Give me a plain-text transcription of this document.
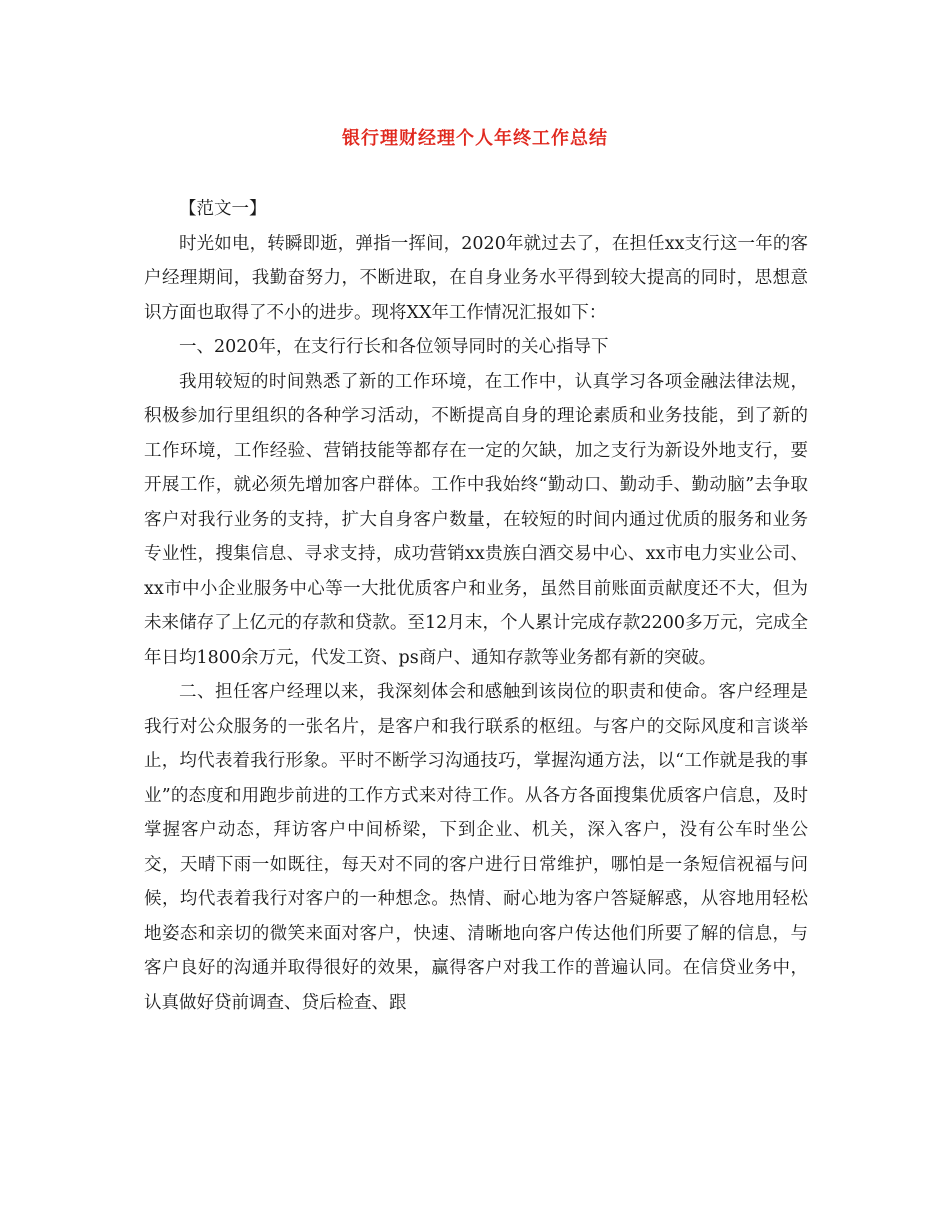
银行理财经理个人年终工作总结

【范文一】

时光如电，转瞬即逝，弹指一挥间，2020年就过去了，在担任xx支行这一年的客户经理期间，我勤奋努力，不断进取，在自身业务水平得到较大提高的同时，思想意识方面也取得了不小的进步。现将XX年工作情况汇报如下：

一、2020年，在支行行长和各位领导同时的关心指导下

我用较短的时间熟悉了新的工作环境，在工作中，认真学习各项金融法律法规，积极参加行里组织的各种学习活动，不断提高自身的理论素质和业务技能，到了新的工作环境，工作经验、营销技能等都存在一定的欠缺，加之支行为新设外地支行，要开展工作，就必须先增加客户群体。工作中我始终“勤动口、勤动手、勤动脑”去争取客户对我行业务的支持，扩大自身客户数量，在较短的时间内通过优质的服务和业务专业性，搜集信息、寻求支持，成功营销xx贵族白酒交易中心、xx市电力实业公司、xx市中小企业服务中心等一大批优质客户和业务，虽然目前账面贡献度还不大，但为未来储存了上亿元的存款和贷款。至12月末，个人累计完成存款2200多万元，完成全年日均1800余万元，代发工资、ps商户、通知存款等业务都有新的突破。

二、担任客户经理以来，我深刻体会和感触到该岗位的职责和使命。客户经理是我行对公众服务的一张名片，是客户和我行联系的枢纽。与客户的交际风度和言谈举止，均代表着我行形象。平时不断学习沟通技巧，掌握沟通方法，以“工作就是我的事业”的态度和用跑步前进的工作方式来对待工作。从各方各面搜集优质客户信息，及时掌握客户动态，拜访客户中间桥梁，下到企业、机关，深入客户，没有公车时坐公交，天晴下雨一如既往，每天对不同的客户进行日常维护，哪怕是一条短信祝福与问候，均代表着我行对客户的一种想念。热情、耐心地为客户答疑解惑，从容地用轻松地姿态和亲切的微笑来面对客户，快速、清晰地向客户传达他们所要了解的信息，与客户良好的沟通并取得很好的效果，赢得客户对我工作的普遍认同。在信贷业务中，认真做好贷前调查、贷后检查、跟
